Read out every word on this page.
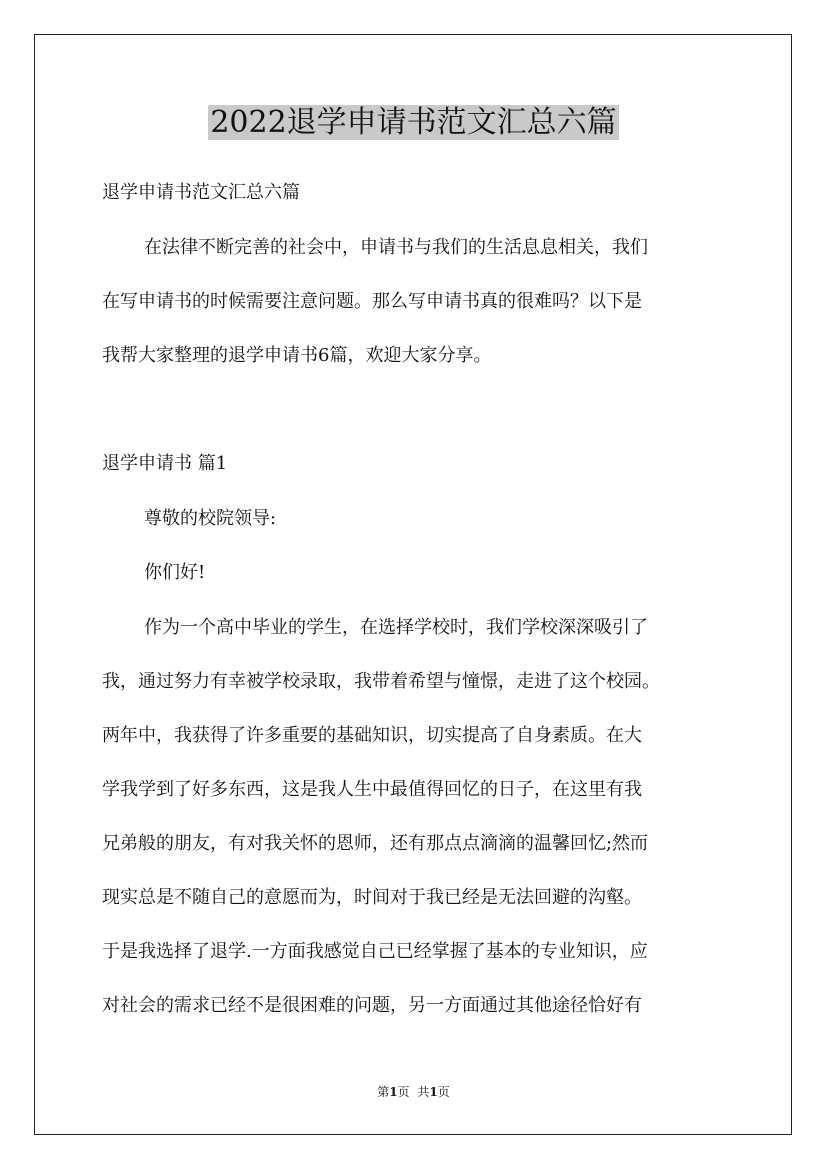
2022退学申请书范文汇总六篇

退学申请书范文汇总六篇

在法律不断完善的社会中，申请书与我们的生活息息相关，我们

在写申请书的时候需要注意问题。那么写申请书真的很难吗？以下是

我帮大家整理的退学申请书6篇，欢迎大家分享。

退学申请书 篇1

尊敬的校院领导:

你们好!

作为一个高中毕业的学生，在选择学校时，我们学校深深吸引了

我，通过努力有幸被学校录取，我带着希望与憧憬，走进了这个校园。

两年中，我获得了许多重要的基础知识，切实提高了自身素质。在大

学我学到了好多东西，这是我人生中最值得回忆的日子，在这里有我

兄弟般的朋友，有对我关怀的恩师，还有那点点滴滴的温馨回忆;然而

现实总是不随自己的意愿而为，时间对于我已经是无法回避的沟壑。

于是我选择了退学.一方面我感觉自己已经掌握了基本的专业知识，应

对社会的需求已经不是很困难的问题，另一方面通过其他途径恰好有

第1页 共1页
